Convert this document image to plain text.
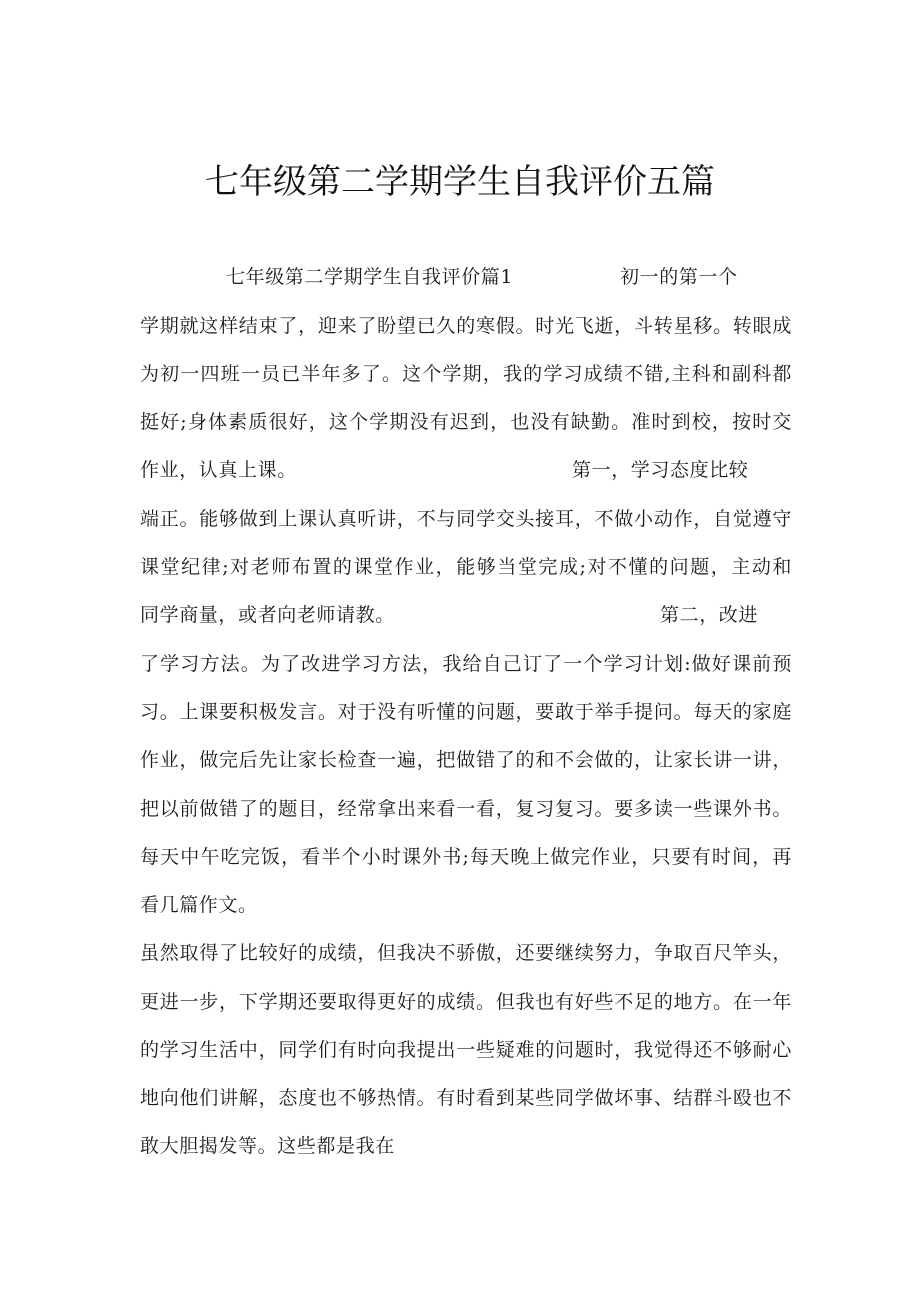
七年级第二学期学生自我评价五篇
七年级第二学期学生自我评价篇1	初一的第一个
学期就这样结束了，迎来了盼望已久的寒假。时光飞逝，斗转星移。转眼成
为初一四班一员已半年多了。这个学期，我的学习成绩不错,主科和副科都
挺好;身体素质很好，这个学期没有迟到，也没有缺勤。准时到校，按时交
作业，认真上课。	第一，学习态度比较
端正。能够做到上课认真听讲，不与同学交头接耳，不做小动作，自觉遵守
课堂纪律;对老师布置的课堂作业，能够当堂完成;对不懂的问题，主动和
同学商量，或者向老师请教。	第二，改进
了学习方法。为了改进学习方法，我给自己订了一个学习计划:做好课前预
习。上课要积极发言。对于没有听懂的问题，要敢于举手提问。每天的家庭
作业，做完后先让家长检查一遍，把做错了的和不会做的，让家长讲一讲，
把以前做错了的题目，经常拿出来看一看，复习复习。要多读一些课外书。
每天中午吃完饭，看半个小时课外书;每天晚上做完作业，只要有时间，再
看几篇作文。
虽然取得了比较好的成绩，但我决不骄傲，还要继续努力，争取百尺竿头，
更进一步，下学期还要取得更好的成绩。但我也有好些不足的地方。在一年
的学习生活中，同学们有时向我提出一些疑难的问题时，我觉得还不够耐心
地向他们讲解，态度也不够热情。有时看到某些同学做坏事、结群斗殴也不
敢大胆揭发等。这些都是我在
